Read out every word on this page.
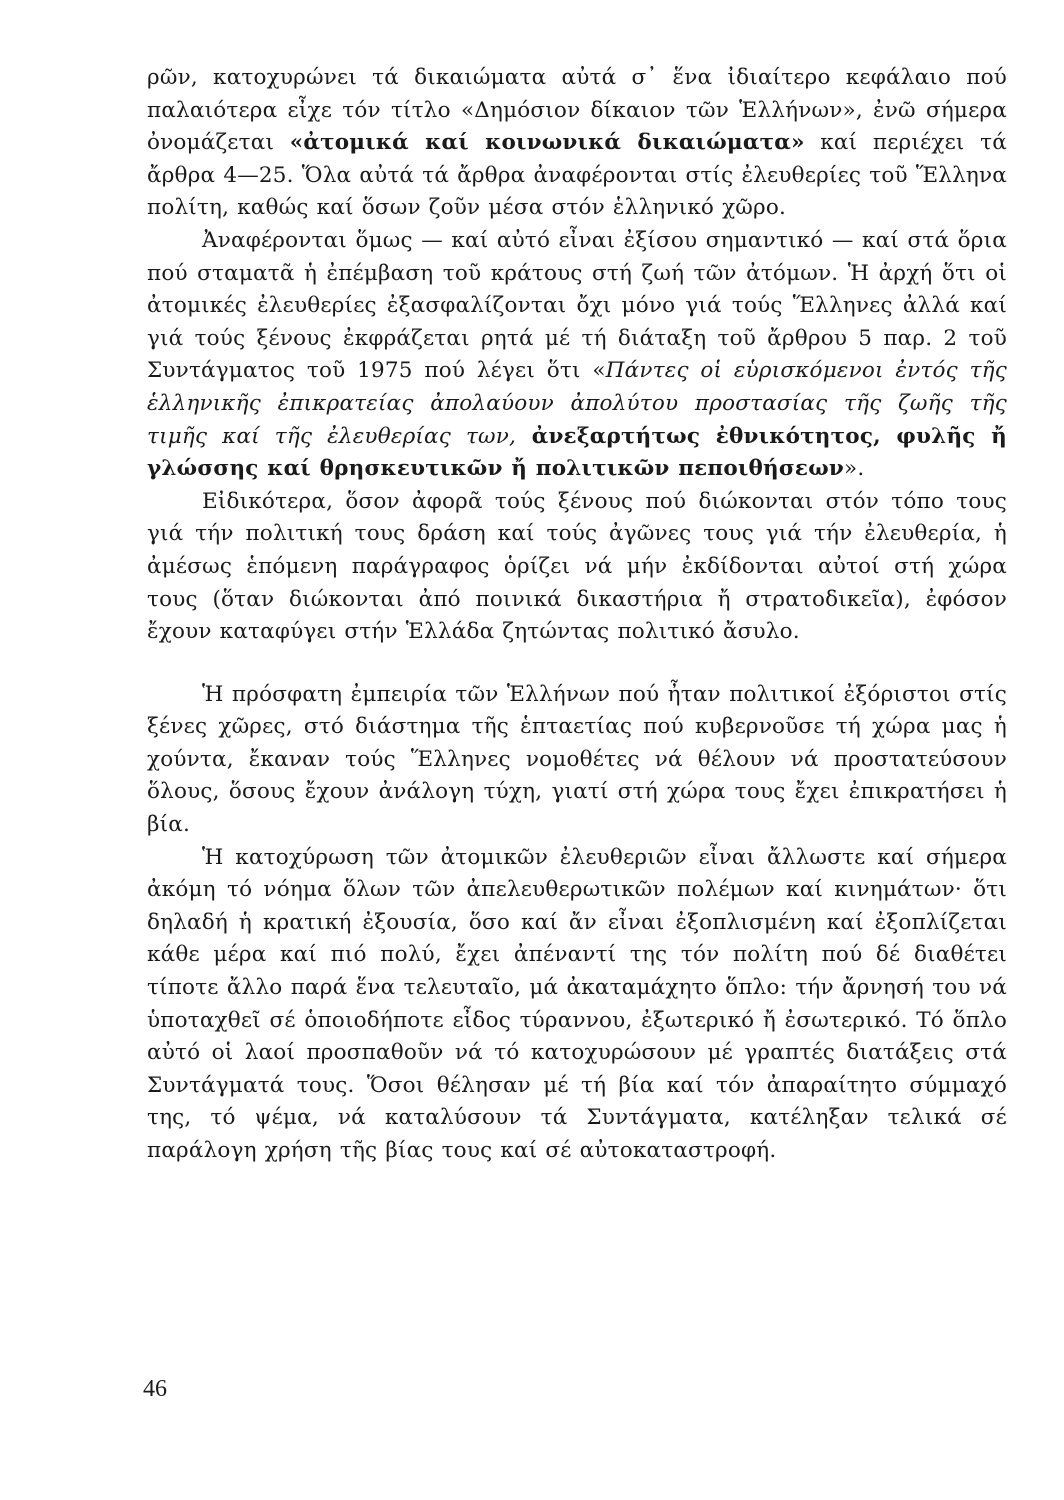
ρῶν, κατοχυρώνει τά δικαιώματα αὐτά σ᾽ ἕνα ἰδιαίτερο κεφάλαιο πού παλαιότερα εἶχε τόν τίτλο «Δημόσιον δίκαιον τῶν Ἑλλήνων», ἐνῶ σήμερα ὀνομάζεται «ἀτομικά καί κοινωνικά δικαιώματα» καί περιέχει τά ἄρθρα 4—25. Ὅλα αὐτά τά ἄρθρα ἀναφέρονται στίς ἐλευθερίες τοῦ Ἕλληνα πολίτη, καθώς καί ὅσων ζοῦν μέσα στόν ἑλληνικό χῶρο.

Ἀναφέρονται ὅμως — καί αὐτό εἶναι ἐξίσου σημαντικό — καί στά ὅρια πού σταματᾶ ἡ ἐπέμβαση τοῦ κράτους στή ζωή τῶν ἀτόμων. Ἡ ἀρχή ὅτι οἱ ἀτομικές ἐλευθερίες ἐξασφαλίζονται ὄχι μόνο γιά τούς Ἕλληνες ἀλλά καί γιά τούς ξένους ἐκφράζεται ρητά μέ τή διάταξη τοῦ ἄρθρου 5 παρ. 2 τοῦ Συντάγματος τοῦ 1975 πού λέγει ὅτι «Πάντες οἱ εὑρισκόμενοι ἐντός τῆς ἑλληνικῆς ἐπικρατείας ἀπολαύουν ἀπολύτου προστασίας τῆς ζωῆς τῆς τιμῆς καί τῆς ἐλευθερίας των, ἀνεξαρτήτως ἐθνικότητος, φυλῆς ἤ γλώσσης καί θρησκευτικῶν ἤ πολιτικῶν πεποιθήσεων».

Εἰδικότερα, ὅσον ἀφορᾶ τούς ξένους πού διώκονται στόν τόπο τους γιά τήν πολιτική τους δράση καί τούς ἀγῶνες τους γιά τήν ἐλευθερία, ἡ ἀμέσως ἑπόμενη παράγραφος ὁρίζει νά μήν ἐκδίδονται αὐτοί στή χώρα τους (ὅταν διώκονται ἀπό ποινικά δικαστήρια ἤ στρατοδικεῖα), ἐφόσον ἔχουν καταφύγει στήν Ἑλλάδα ζητώντας πολιτικό ἄσυλο.

Ἡ πρόσφατη ἐμπειρία τῶν Ἑλλήνων πού ἦταν πολιτικοί ἐξόριστοι στίς ξένες χῶρες, στό διάστημα τῆς ἑπταετίας πού κυβερνοῦσε τή χώρα μας ἡ χούντα, ἔκαναν τούς Ἕλληνες νομοθέτες νά θέλουν νά προστατεύσουν ὅλους, ὅσους ἔχουν ἀνάλογη τύχη, γιατί στή χώρα τους ἔχει ἐπικρατήσει ἡ βία.

Ἡ κατοχύρωση τῶν ἀτομικῶν ἐλευθεριῶν εἶναι ἄλλωστε καί σήμερα ἀκόμη τό νόημα ὅλων τῶν ἀπελευθερωτικῶν πολέμων καί κινημάτων· ὅτι δηλαδή ἡ κρατική ἐξουσία, ὅσο καί ἄν εἶναι ἐξοπλισμένη καί ἐξοπλίζεται κάθε μέρα καί πιό πολύ, ἔχει ἀπέναντί της τόν πολίτη πού δέ διαθέτει τίποτε ἄλλο παρά ἕνα τελευταῖο, μά ἀκαταμάχητο ὅπλο: τήν ἄρνησή του νά ὑποταχθεῖ σέ ὁποιοδήποτε εἶδος τύραννου, ἐξωτερικό ἤ ἐσωτερικό. Τό ὅπλο αὐτό οἱ λαοί προσπαθοῦν νά τό κατοχυρώσουν μέ γραπτές διατάξεις στά Συντάγματά τους. Ὅσοι θέλησαν μέ τή βία καί τόν ἀπαραίτητο σύμμαχό της, τό ψέμα, νά καταλύσουν τά Συντάγματα, κατέληξαν τελικά σέ παράλογη χρήση τῆς βίας τους καί σέ αὐτοκαταστροφή.

46
